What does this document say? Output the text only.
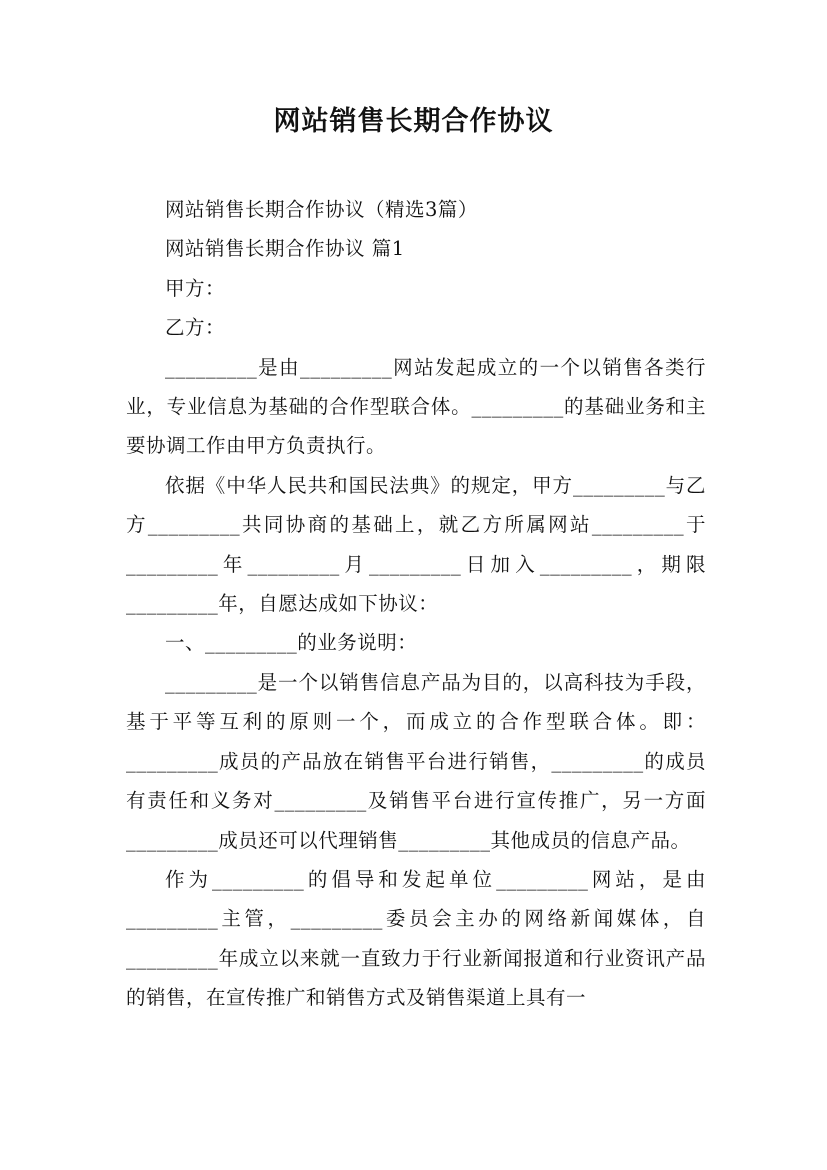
网站销售长期合作协议

网站销售长期合作协议（精选3篇）

网站销售长期合作协议 篇1

甲方：

乙方：

_________是由_________网站发起成立的一个以销售各类行业，专业信息为基础的合作型联合体。_________的基础业务和主要协调工作由甲方负责执行。

依据《中华人民共和国民法典》的规定，甲方_________与乙方_________共同协商的基础上，就乙方所属网站_________于_________年_________月_________日加入_________，期限_________年，自愿达成如下协议：

一、_________的业务说明：

_________是一个以销售信息产品为目的，以高科技为手段，基于平等互利的原则一个，而成立的合作型联合体。即：_________成员的产品放在销售平台进行销售，_________的成员有责任和义务对_________及销售平台进行宣传推广，另一方面_________成员还可以代理销售_________其他成员的信息产品。

作为_________的倡导和发起单位_________网站，是由_________主管，_________委员会主办的网络新闻媒体，自_________年成立以来就一直致力于行业新闻报道和行业资讯产品的销售，在宣传推广和销售方式及销售渠道上具有一
